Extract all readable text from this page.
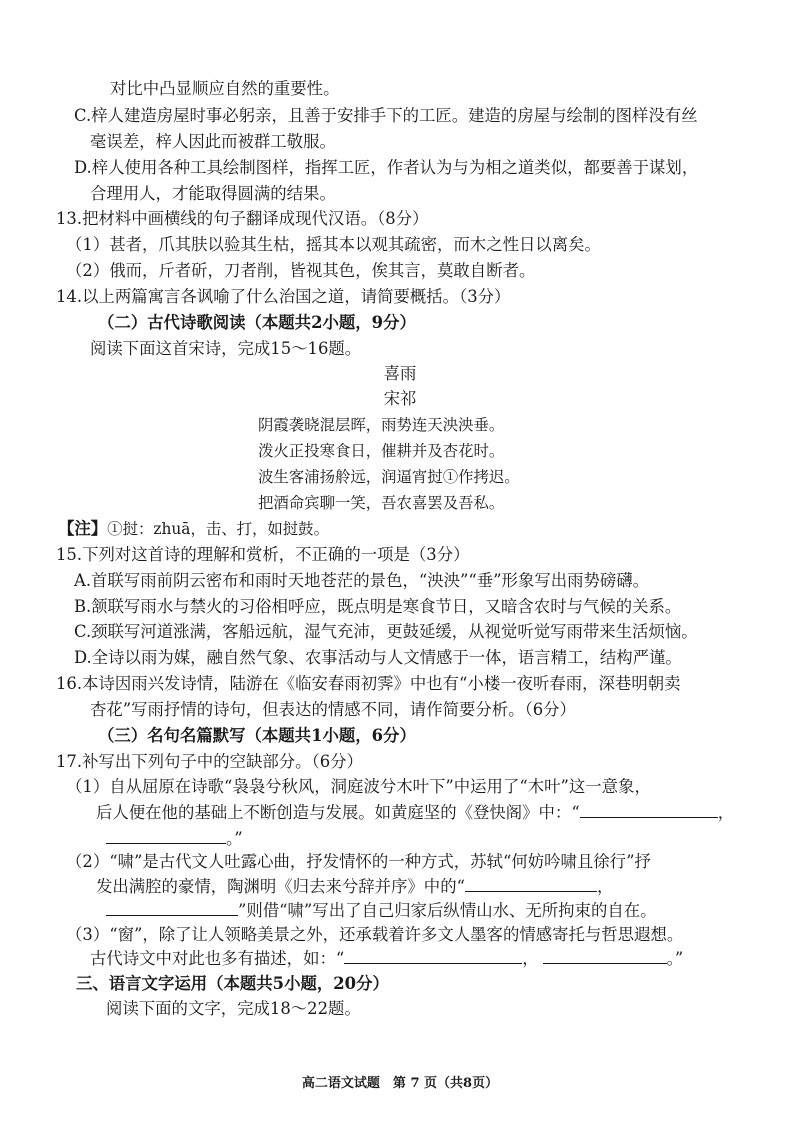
对比中凸显顺应自然的重要性。
C.梓人建造房屋时事必躬亲，且善于安排手下的工匠。建造的房屋与绘制的图样没有丝
毫误差，梓人因此而被群工敬服。
D.梓人使用各种工具绘制图样，指挥工匠，作者认为与为相之道类似，都要善于谋划，
合理用人，才能取得圆满的结果。
13.把材料中画横线的句子翻译成现代汉语。（8分）
（1）甚者，爪其肤以验其生枯，摇其本以观其疏密，而木之性日以离矣。
（2）俄而，斤者斫，刀者削，皆视其色，俟其言，莫敢自断者。
14.以上两篇寓言各讽喻了什么治国之道，请简要概括。（3分）
（二）古代诗歌阅读（本题共2小题，9分）
阅读下面这首宋诗，完成15～16题。
喜雨
宋祁
阴霞袭晓混层晖，雨势连天泱泱垂。
泼火正投寒食日，催耕并及杏花时。
波生客浦扬舲远，润逼宵挝①作拷迟。
把酒命宾聊一笑，吾农喜罢及吾私。
【注】①挝：zhuā，击、打，如挝鼓。
15.下列对这首诗的理解和赏析，不正确的一项是（3分）
A.首联写雨前阴云密布和雨时天地苍茫的景色，“泱泱”“垂”形象写出雨势磅礴。
B.颔联写雨水与禁火的习俗相呼应，既点明是寒食节日，又暗含农时与气候的关系。
C.颈联写河道涨满，客船远航，湿气充沛，更鼓延缓，从视觉听觉写雨带来生活烦恼。
D.全诗以雨为媒，融自然气象、农事活动与人文情感于一体，语言精工，结构严谨。
16.本诗因雨兴发诗情，陆游在《临安春雨初霁》中也有“小楼一夜听春雨，深巷明朝卖
杏花”写雨抒情的诗句，但表达的情感不同，请作简要分析。（6分）
（三）名句名篇默写（本题共1小题，6分）
17.补写出下列句子中的空缺部分。（6分）
（1）自从屈原在诗歌“袅袅兮秋风，洞庭波兮木叶下”中运用了“木叶”这一意象，
后人便在他的基础上不断创造与发展。如黄庭坚的《登快阁》中：“	，
。”
（2）“啸”是古代文人吐露心曲，抒发情怀的一种方式，苏轼“何妨吟啸且徐行”抒
发出满腔的豪情，陶渊明《归去来兮辞并序》中的“	，
”则借“啸”写出了自己归家后纵情山水、无所拘束的自在。
（3）“窗”，除了让人领略美景之外，还承载着许多文人墨客的情感寄托与哲思遐想。
古代诗文中对此也多有描述，如：“	，	。”
三、语言文字运用（本题共5小题，20分）
阅读下面的文字，完成18～22题。
高二语文试题　第 7 页（共8页）
